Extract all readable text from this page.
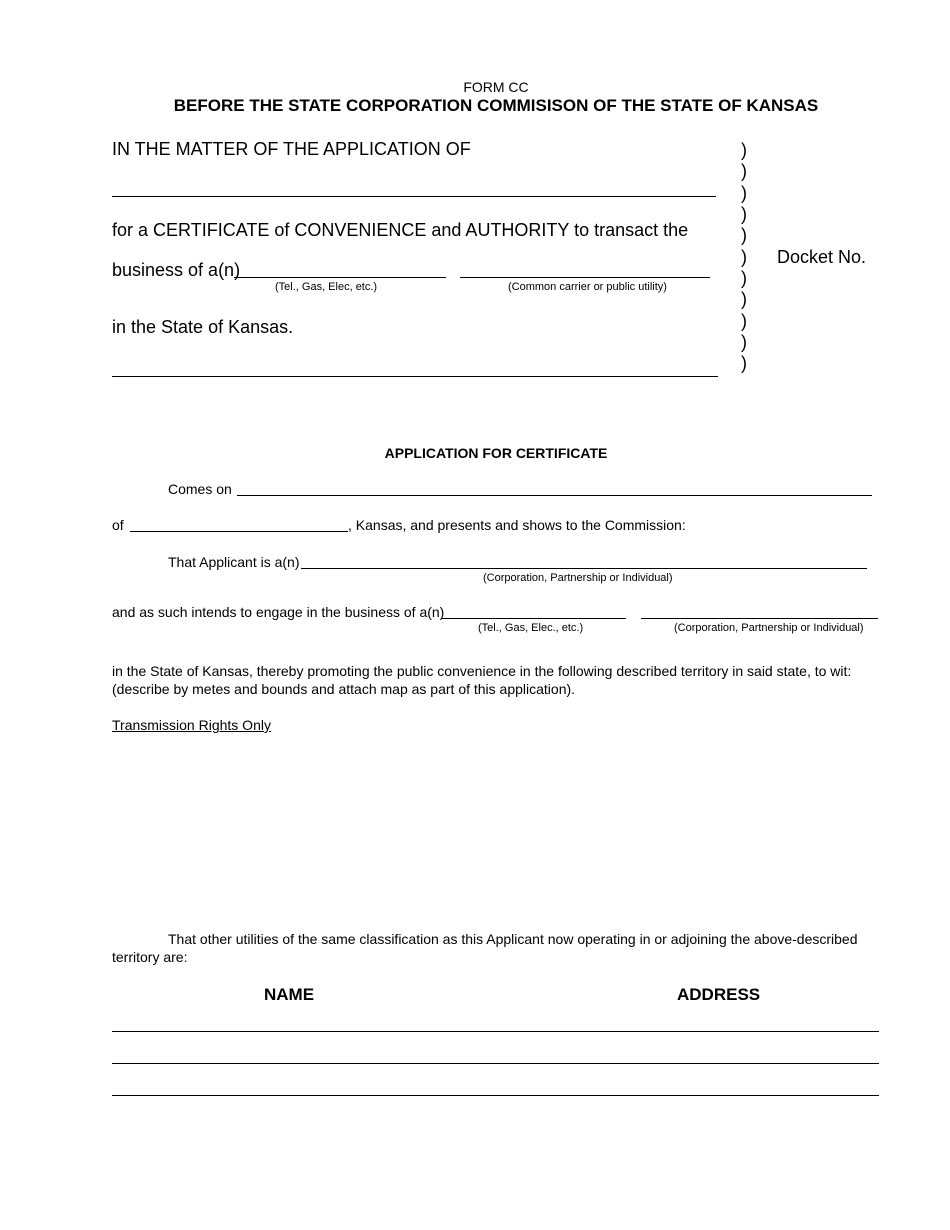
FORM CC
BEFORE THE STATE CORPORATION COMMISISON OF THE STATE OF KANSAS
IN THE MATTER OF THE APPLICATION OF
for a CERTIFICATE of CONVENIENCE and AUTHORITY to transact the
business of a(n)
(Tel., Gas, Elec, etc.)	(Common carrier or public utility)
in the State of Kansas.
)
)
)
)
)
)
)
)
)
)
)
Docket No.
APPLICATION FOR CERTIFICATE
Comes on
of	, Kansas, and presents and shows to the Commission:
That Applicant is a(n)
(Corporation, Partnership or Individual)
and as such intends to engage in the business of a(n)
(Tel., Gas, Elec., etc.)	(Corporation, Partnership or Individual)
in the State of Kansas, thereby promoting the public convenience in the following described territory in said state, to wit:
(describe by metes and bounds and attach map as part of this application).
Transmission Rights Only
That other utilities of the same classification as this Applicant now operating in or adjoining the above-described
territory are:
NAME	ADDRESS
